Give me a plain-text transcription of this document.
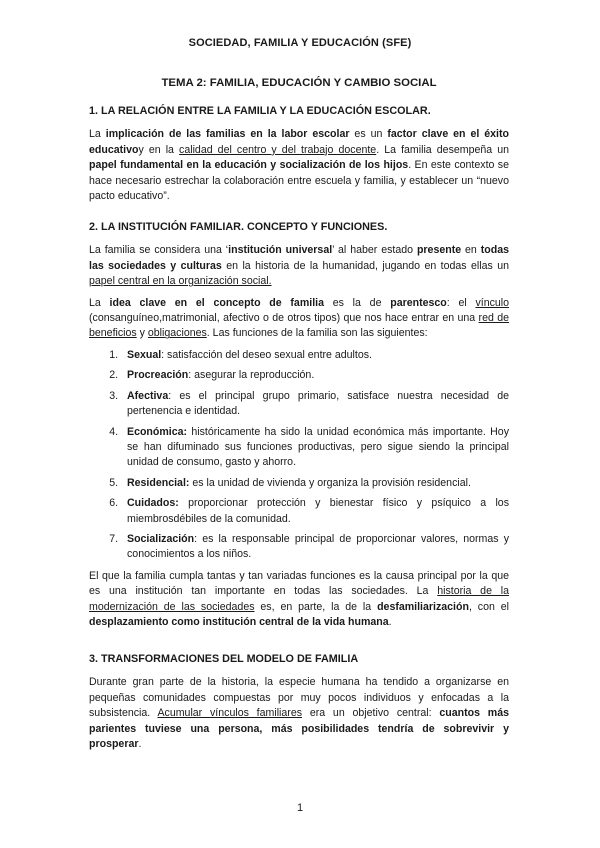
SOCIEDAD, FAMILIA Y EDUCACIÓN (SFE)
TEMA 2: FAMILIA, EDUCACIÓN Y CAMBIO SOCIAL
1. LA RELACIÓN ENTRE LA FAMILIA Y LA EDUCACIÓN ESCOLAR.

La implicación de las familias en la labor escolar es un factor clave en el éxito educativoy en la calidad del centro y del trabajo docente. La familia desempeña un papel fundamental en la educación y socialización de los hijos. En este contexto se hace necesario estrechar la colaboración entre escuela y familia, y establecer un “nuevo pacto educativo”.

2. LA INSTITUCIÓN FAMILIAR. CONCEPTO Y FUNCIONES.

La familia se considera una ‘institución universal’ al haber estado presente en todas las sociedades y culturas en la historia de la humanidad, jugando en todas ellas un papel central en la organización social.

La idea clave en el concepto de familia es la de parentesco: el vínculo (consanguíneo,matrimonial, afectivo o de otros tipos) que nos hace entrar en una red de beneficios y obligaciones. Las funciones de la familia son las siguientes:

1. Sexual: satisfacción del deseo sexual entre adultos.
2. Procreación: asegurar la reproducción.
3. Afectiva: es el principal grupo primario, satisface nuestra necesidad de pertenencia e identidad.
4. Económica: históricamente ha sido la unidad económica más importante. Hoy se han difuminado sus funciones productivas, pero sigue siendo la principal unidad de consumo, gasto y ahorro.
5. Residencial: es la unidad de vivienda y organiza la provisión residencial.
6. Cuidados: proporcionar protección y bienestar físico y psíquico a los miembrosdébiles de la comunidad.
7. Socialización: es la responsable principal de proporcionar valores, normas y conocimientos a los niños.

El que la familia cumpla tantas y tan variadas funciones es la causa principal por la que es una institución tan importante en todas las sociedades. La historia de la modernización de las sociedades es, en parte, la de la desfamiliarización, con el desplazamiento como institución central de la vida humana.

3. TRANSFORMACIONES DEL MODELO DE FAMILIA

Durante gran parte de la historia, la especie humana ha tendido a organizarse en pequeñas comunidades compuestas por muy pocos individuos y enfocadas a la subsistencia. Acumular vínculos familiares era un objetivo central: cuantos más parientes tuviese una persona, más posibilidades tendría de sobrevivir y prosperar.

1
